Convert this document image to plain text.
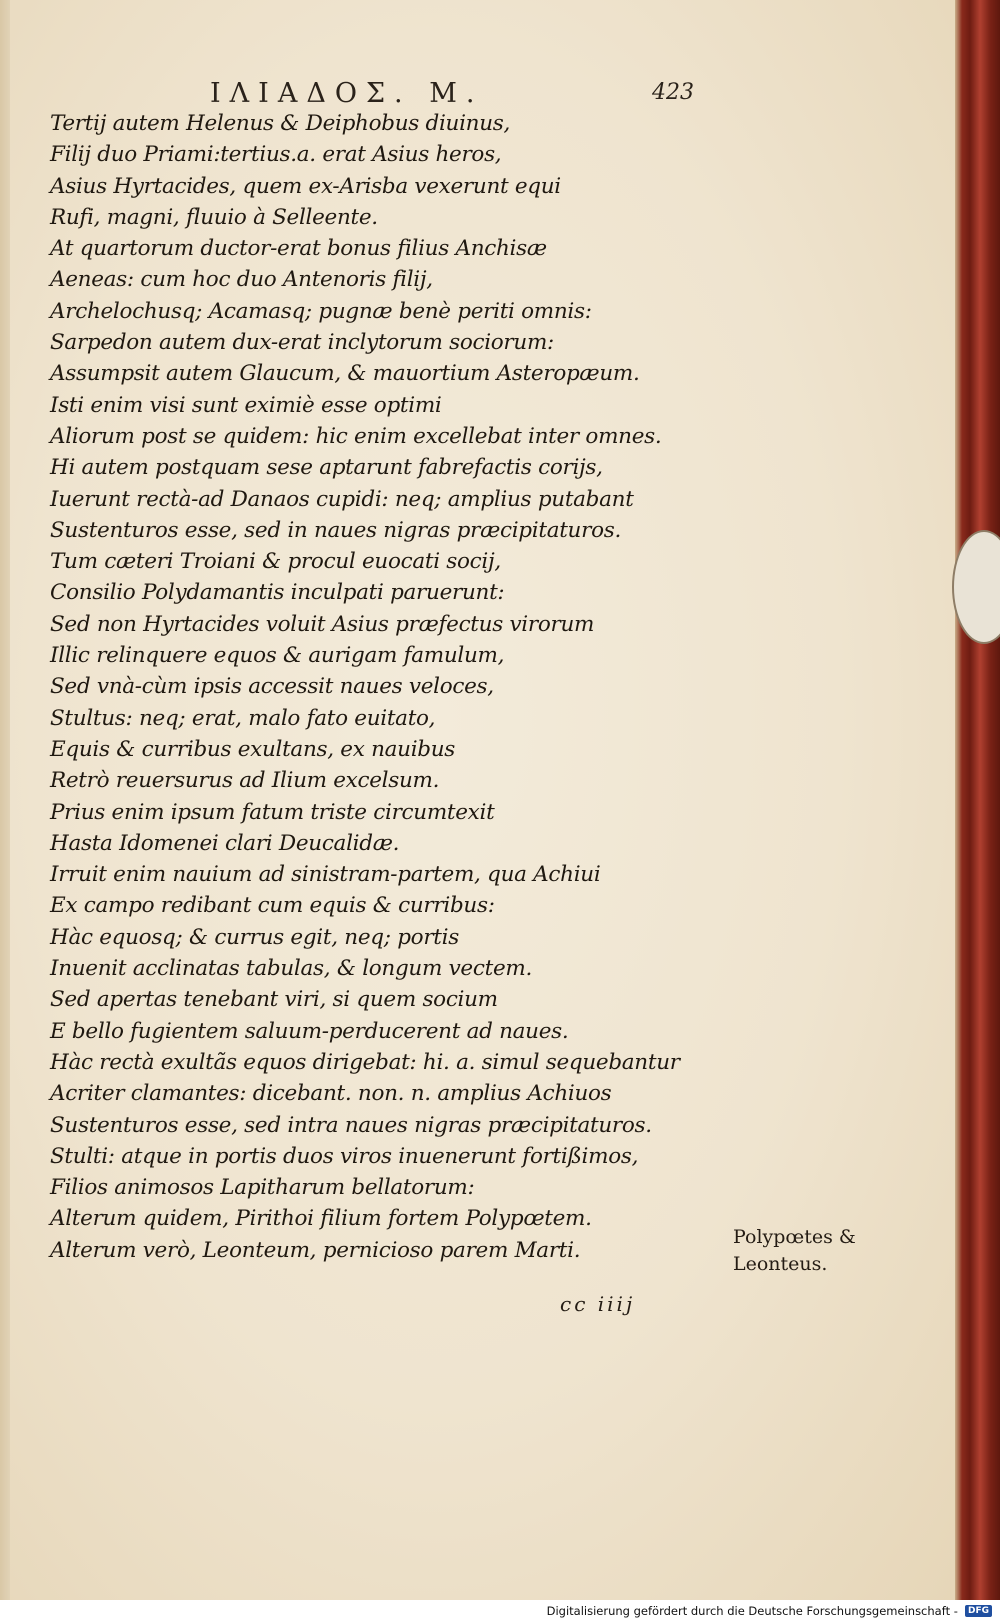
ΙΛΙΑΔΟΣ. Μ.	423
Tertij autem Helenus & Deiphobus diuinus,
Filij duo Priami:tertius.a. erat Asius heros,
Asius Hyrtacides, quem ex-Arisba vexerunt equi
Rufi, magni, fluuio à Selleente.
At quartorum ductor-erat bonus filius Anchisæ
Aeneas: cum hoc duo Antenoris filij,
Archelochusq; Acamasq; pugnæ benè periti omnis:
Sarpedon autem dux-erat inclytorum sociorum:
Assumpsit autem Glaucum, & mauortium Asteropæum.
Isti enim visi sunt eximiè esse optimi
Aliorum post se quidem: hic enim excellebat inter omnes.
Hi autem postquam sese aptarunt fabrefactis corijs,
Iuerunt rectà-ad Danaos cupidi: neq; amplius putabant
Sustenturos esse, sed in naues nigras præcipitaturos.
Tum cæteri Troiani & procul euocati socij,
Consilio Polydamantis inculpati paruerunt:
Sed non Hyrtacides voluit Asius præfectus virorum
Illic relinquere equos & aurigam famulum,
Sed vnà-cùm ipsis accessit naues veloces,
Stultus: neq; erat, malo fato euitato,
Equis & curribus exultans, ex nauibus
Retrò reuersurus ad Ilium excelsum.
Prius enim ipsum fatum triste circumtexit
Hasta Idomenei clari Deucalidæ.
Irruit enim nauium ad sinistram-partem, qua Achiui
Ex campo redibant cum equis & curribus:
Hàc equosq; & currus egit, neq; portis
Inuenit acclinatas tabulas, & longum vectem.
Sed apertas tenebant viri, si quem socium
E bello fugientem saluum-perducerent ad naues.
Hàc rectà exultãs equos dirigebat: hi. a. simul sequebantur
Acriter clamantes: dicebant. non. n. amplius Achiuos
Sustenturos esse, sed intra naues nigras præcipitaturos.
Stulti: atque in portis duos viros inuenerunt fortißimos,
Filios animosos Lapitharum bellatorum:
Alterum quidem, Pirithoi filium fortem Polypœtem.
Alterum verò, Leonteum, pernicioso parem Marti.
Polypœtes &
Leonteus.
cc iiij
Digitalisierung gefördert durch die Deutsche Forschungsgemeinschaft - DFG
